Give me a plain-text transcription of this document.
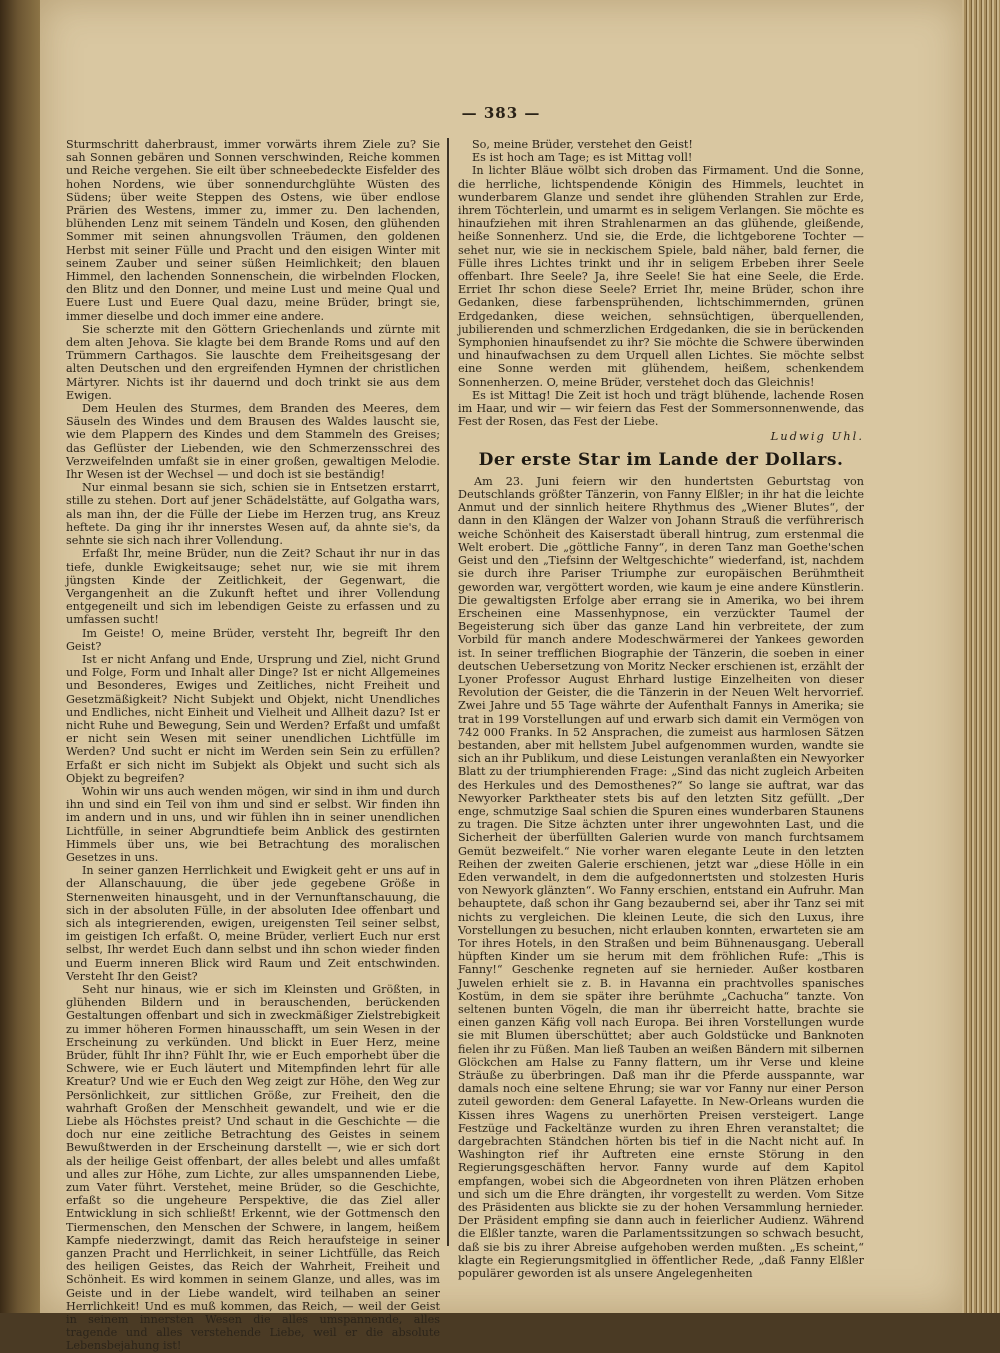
— 383 —

Sturmschritt daherbraust, immer vorwärts ihrem Ziele zu? Sie sah Sonnen gebären und Sonnen verschwinden, Reiche kommen und Reiche vergehen. Sie eilt über schneebedeckte Eisfelder des hohen Nordens, wie über sonnendurchglühte Wüsten des Südens; über weite Steppen des Ostens, wie über endlose Prärien des Westens, immer zu, immer zu. Den lachenden, blühenden Lenz mit seinem Tändeln und Kosen, den glühenden Sommer mit seinen ahnungsvollen Träumen, den goldenen Herbst mit seiner Fülle und Pracht und den eisigen Winter mit seinem Zauber und seiner süßen Heimlichkeit; den blauen Himmel, den lachenden Sonnenschein, die wirbelnden Flocken, den Blitz und den Donner, und meine Lust und meine Qual und Euere Lust und Euere Qual dazu, meine Brüder, bringt sie, immer dieselbe und doch immer eine andere.

Sie scherzte mit den Göttern Griechenlands und zürnte mit dem alten Jehova. Sie klagte bei dem Brande Roms und auf den Trümmern Carthagos. Sie lauschte dem Freiheitsgesang der alten Deutschen und den ergreifenden Hymnen der christlichen Märtyrer. Nichts ist ihr dauernd und doch trinkt sie aus dem Ewigen.

Dem Heulen des Sturmes, dem Branden des Meeres, dem Säuseln des Windes und dem Brausen des Waldes lauscht sie, wie dem Plappern des Kindes und dem Stammeln des Greises; das Geflüster der Liebenden, wie den Schmerzensschrei des Verzweifelnden umfaßt sie in einer großen, gewaltigen Melodie. Ihr Wesen ist der Wechsel — und doch ist sie beständig!

Nur einmal besann sie sich, schien sie in Entsetzen erstarrt, stille zu stehen. Dort auf jener Schädelstätte, auf Golgatha wars, als man ihn, der die Fülle der Liebe im Herzen trug, ans Kreuz heftete. Da ging ihr ihr innerstes Wesen auf, da ahnte sie's, da sehnte sie sich nach ihrer Vollendung.

Erfaßt Ihr, meine Brüder, nun die Zeit? Schaut ihr nur in das tiefe, dunkle Ewigkeitsauge; sehet nur, wie sie mit ihrem jüngsten Kinde der Zeitlichkeit, der Gegenwart, die Vergangenheit an die Zukunft heftet und ihrer Vollendung entgegeneilt und sich im lebendigen Geiste zu erfassen und zu umfassen sucht!

Im Geiste! O, meine Brüder, versteht Ihr, begreift Ihr den Geist?

Ist er nicht Anfang und Ende, Ursprung und Ziel, nicht Grund und Folge, Form und Inhalt aller Dinge? Ist er nicht Allgemeines und Besonderes, Ewiges und Zeitliches, nicht Freiheit und Gesetzmäßigkeit? Nicht Subjekt und Objekt, nicht Unendliches und Endliches, nicht Einheit und Vielheit und Allheit dazu? Ist er nicht Ruhe und Bewegung, Sein und Werden? Erfaßt und umfaßt er nicht sein Wesen mit seiner unendlichen Lichtfülle im Werden? Und sucht er nicht im Werden sein Sein zu erfüllen? Erfaßt er sich nicht im Subjekt als Objekt und sucht sich als Objekt zu begreifen?

Wohin wir uns auch wenden mögen, wir sind in ihm und durch ihn und sind ein Teil von ihm und sind er selbst. Wir finden ihn im andern und in uns, und wir fühlen ihn in seiner unendlichen Lichtfülle, in seiner Abgrundtiefe beim Anblick des gestirnten Himmels über uns, wie bei Betrachtung des moralischen Gesetzes in uns.

In seiner ganzen Herrlichkeit und Ewigkeit geht er uns auf in der Allanschauung, die über jede gegebene Größe in Sternenweiten hinausgeht, und in der Vernunftanschauung, die sich in der absoluten Fülle, in der absoluten Idee offenbart und sich als integrierenden, ewigen, ureigensten Teil seiner selbst, im geistigen Ich erfaßt. O, meine Brüder, verliert Euch nur erst selbst, Ihr werdet Euch dann selbst und ihn schon wieder finden und Euerm inneren Blick wird Raum und Zeit entschwinden. Versteht Ihr den Geist?

Seht nur hinaus, wie er sich im Kleinsten und Größten, in glühenden Bildern und in berauschenden, berückenden Gestaltungen offenbart und sich in zweckmäßiger Zielstrebigkeit zu immer höheren Formen hinausschafft, um sein Wesen in der Erscheinung zu verkünden. Und blickt in Euer Herz, meine Brüder, fühlt Ihr ihn? Fühlt Ihr, wie er Euch emporhebt über die Schwere, wie er Euch läutert und Mitempfinden lehrt für alle Kreatur? Und wie er Euch den Weg zeigt zur Höhe, den Weg zur Persönlichkeit, zur sittlichen Größe, zur Freiheit, den die wahrhaft Großen der Menschheit gewandelt, und wie er die Liebe als Höchstes preist? Und schaut in die Geschichte — die doch nur eine zeitliche Betrachtung des Geistes in seinem Bewußtwerden in der Erscheinung darstellt —, wie er sich dort als der heilige Geist offenbart, der alles belebt und alles umfaßt und alles zur Höhe, zum Lichte, zur alles umspannenden Liebe, zum Vater führt. Verstehet, meine Brüder, so die Geschichte, erfaßt so die ungeheure Perspektive, die das Ziel aller Entwicklung in sich schließt! Erkennt, wie der Gottmensch den Tiermenschen, den Menschen der Schwere, in langem, heißem Kampfe niederzwingt, damit das Reich heraufsteige in seiner ganzen Pracht und Herrlichkeit, in seiner Lichtfülle, das Reich des heiligen Geistes, das Reich der Wahrheit, Freiheit und Schönheit. Es wird kommen in seinem Glanze, und alles, was im Geiste und in der Liebe wandelt, wird teilhaben an seiner Herrlichkeit! Und es muß kommen, das Reich, — weil der Geist in seinem innersten Wesen die alles umspannende, alles tragende und alles verstehende Liebe, weil er die absolute Lebensbejahung ist!

So, meine Brüder, verstehet den Geist!

Es ist hoch am Tage; es ist Mittag voll!

In lichter Bläue wölbt sich droben das Firmament. Und die Sonne, die herrliche, lichtspendende Königin des Himmels, leuchtet in wunderbarem Glanze und sendet ihre glühenden Strahlen zur Erde, ihrem Töchterlein, und umarmt es in seligem Verlangen. Sie möchte es hinaufziehen mit ihren Strahlenarmen an das glühende, gleißende, heiße Sonnenherz. Und sie, die Erde, die lichtgeborene Tochter — sehet nur, wie sie in neckischem Spiele, bald näher, bald ferner, die Fülle ihres Lichtes trinkt und ihr in seligem Erbeben ihrer Seele offenbart. Ihre Seele? Ja, ihre Seele! Sie hat eine Seele, die Erde. Erriet Ihr schon diese Seele? Erriet Ihr, meine Brüder, schon ihre Gedanken, diese farbensprühenden, lichtschimmernden, grünen Erdgedanken, diese weichen, sehnsüchtigen, überquellenden, jubilierenden und schmerzlichen Erdgedanken, die sie in berückenden Symphonien hinaufsendet zu ihr? Sie möchte die Schwere überwinden und hinaufwachsen zu dem Urquell allen Lichtes. Sie möchte selbst eine Sonne werden mit glühendem, heißem, schenkendem Sonnenherzen. O, meine Brüder, verstehet doch das Gleichnis!

Es ist Mittag! Die Zeit ist hoch und trägt blühende, lachende Rosen im Haar, und wir — wir feiern das Fest der Sommersonnenwende, das Fest der Rosen, das Fest der Liebe.

Ludwig Uhl.
Der erste Star im Lande der Dollars.

Am 23. Juni feiern wir den hundertsten Geburtstag von Deutschlands größter Tänzerin, von Fanny Elßler; in ihr hat die leichte Anmut und der sinnlich heitere Rhythmus des „Wiener Blutes“, der dann in den Klängen der Walzer von Johann Strauß die verführerisch weiche Schönheit des Kaiserstadt überall hintrug, zum erstenmal die Welt erobert. Die „göttliche Fanny“, in deren Tanz man Goethe'schen Geist und den „Tiefsinn der Weltgeschichte“ wiederfand, ist, nachdem sie durch ihre Pariser Triumphe zur europäischen Berühmtheit geworden war, vergöttert worden, wie kaum je eine andere Künstlerin. Die gewaltigsten Erfolge aber errang sie in Amerika, wo bei ihrem Erscheinen eine Massenhypnose, ein verzückter Taumel der Begeisterung sich über das ganze Land hin verbreitete, der zum Vorbild für manch andere Modeschwärmerei der Yankees geworden ist. In seiner trefflichen Biographie der Tänzerin, die soeben in einer deutschen Uebersetzung von Moritz Necker erschienen ist, erzählt der Lyoner Professor August Ehrhard lustige Einzelheiten von dieser Revolution der Geister, die die Tänzerin in der Neuen Welt hervorrief. Zwei Jahre und 55 Tage währte der Aufenthalt Fannys in Amerika; sie trat in 199 Vorstellungen auf und erwarb sich damit ein Vermögen von 742 000 Franks. In 52 Ansprachen, die zumeist aus harmlosen Sätzen bestanden, aber mit hellstem Jubel aufgenommen wurden, wandte sie sich an ihr Publikum, und diese Leistungen veranlaßten ein Newyorker Blatt zu der triumphierenden Frage: „Sind das nicht zugleich Arbeiten des Herkules und des Demosthenes?“ So lange sie auftrat, war das Newyorker Parktheater stets bis auf den letzten Sitz gefüllt. „Der enge, schmutzige Saal schien die Spuren eines wunderbaren Staunens zu tragen. Die Sitze ächzten unter ihrer ungewohnten Last, und die Sicherheit der überfüllten Galerien wurde von manch furchtsamem Gemüt bezweifelt.“ Nie vorher waren elegante Leute in den letzten Reihen der zweiten Galerie erschienen, jetzt war „diese Hölle in ein Eden verwandelt, in dem die aufgedonnertsten und stolzesten Huris von Newyork glänzten“. Wo Fanny erschien, entstand ein Aufruhr. Man behauptete, daß schon ihr Gang bezaubernd sei, aber ihr Tanz sei mit nichts zu vergleichen. Die kleinen Leute, die sich den Luxus, ihre Vorstellungen zu besuchen, nicht erlauben konnten, erwarteten sie am Tor ihres Hotels, in den Straßen und beim Bühnenausgang. Ueberall hüpften Kinder um sie herum mit dem fröhlichen Rufe: „This is Fanny!“ Geschenke regneten auf sie hernieder. Außer kostbaren Juwelen erhielt sie z. B. in Havanna ein prachtvolles spanisches Kostüm, in dem sie später ihre berühmte „Cachucha“ tanzte. Von seltenen bunten Vögeln, die man ihr überreicht hatte, brachte sie einen ganzen Käfig voll nach Europa. Bei ihren Vorstellungen wurde sie mit Blumen überschüttet; aber auch Goldstücke und Banknoten fielen ihr zu Füßen. Man ließ Tauben an weißen Bändern mit silbernen Glöckchen am Halse zu Fanny flattern, um ihr Verse und kleine Sträuße zu überbringen. Daß man ihr die Pferde ausspannte, war damals noch eine seltene Ehrung; sie war vor Fanny nur einer Person zuteil geworden: dem General Lafayette. In New-Orleans wurden die Kissen ihres Wagens zu unerhörten Preisen versteigert. Lange Festzüge und Fackeltänze wurden zu ihren Ehren veranstaltet; die dargebrachten Ständchen hörten bis tief in die Nacht nicht auf. In Washington rief ihr Auftreten eine ernste Störung in den Regierungsgeschäften hervor. Fanny wurde auf dem Kapitol empfangen, wobei sich die Abgeordneten von ihren Plätzen erhoben und sich um die Ehre drängten, ihr vorgestellt zu werden. Vom Sitze des Präsidenten aus blickte sie zu der hohen Versammlung hernieder. Der Präsident empfing sie dann auch in feierlicher Audienz. Während die Elßler tanzte, waren die Parlamentssitzungen so schwach besucht, daß sie bis zu ihrer Abreise aufgehoben werden mußten. „Es scheint,“ klagte ein Regierungsmitglied in öffentlicher Rede, „daß Fanny Elßler populärer geworden ist als unsere Angelegenheiten
